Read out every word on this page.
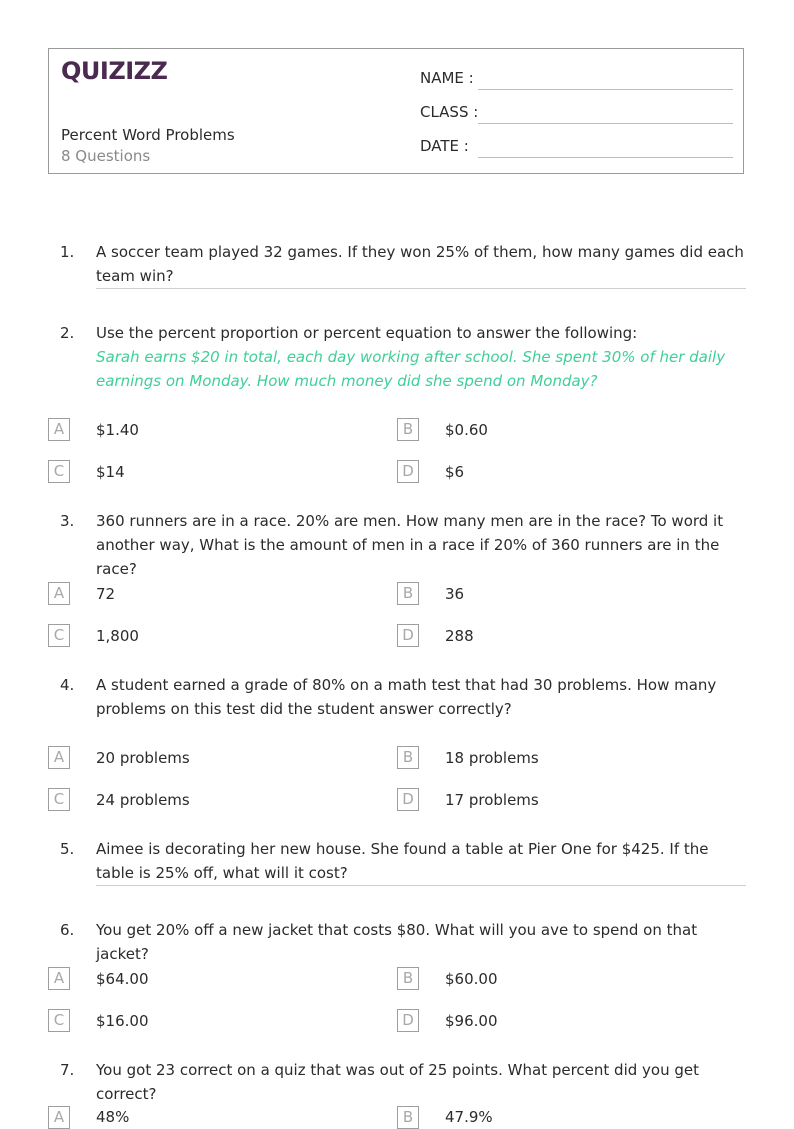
QUIZIZZ
Percent Word Problems
8 Questions
NAME :
CLASS :
DATE :
1. A soccer team played 32 games. If they won 25% of them, how many games did each team win?
2. Use the percent proportion or percent equation to answer the following:
Sarah earns $20 in total, each day working after school. She spent 30% of her daily earnings on Monday. How much money did she spend on Monday?
A	$1.40	B	$0.60
C	$14	D	$6
3. 360 runners are in a race. 20% are men. How many men are in the race? To word it another way, What is the amount of men in a race if 20% of 360 runners are in the race?
A	72	B	36
C	1,800	D	288
4. A student earned a grade of 80% on a math test that had 30 problems. How many problems on this test did the student answer correctly?
A	20 problems	B	18 problems
C	24 problems	D	17 problems
5. Aimee is decorating her new house. She found a table at Pier One for $425. If the table is 25% off, what will it cost?
6. You get 20% off a new jacket that costs $80. What will you ave to spend on that jacket?
A	$64.00	B	$60.00
C	$16.00	D	$96.00
7. You got 23 correct on a quiz that was out of 25 points. What percent did you get correct?
A	48%	B	47.9%
